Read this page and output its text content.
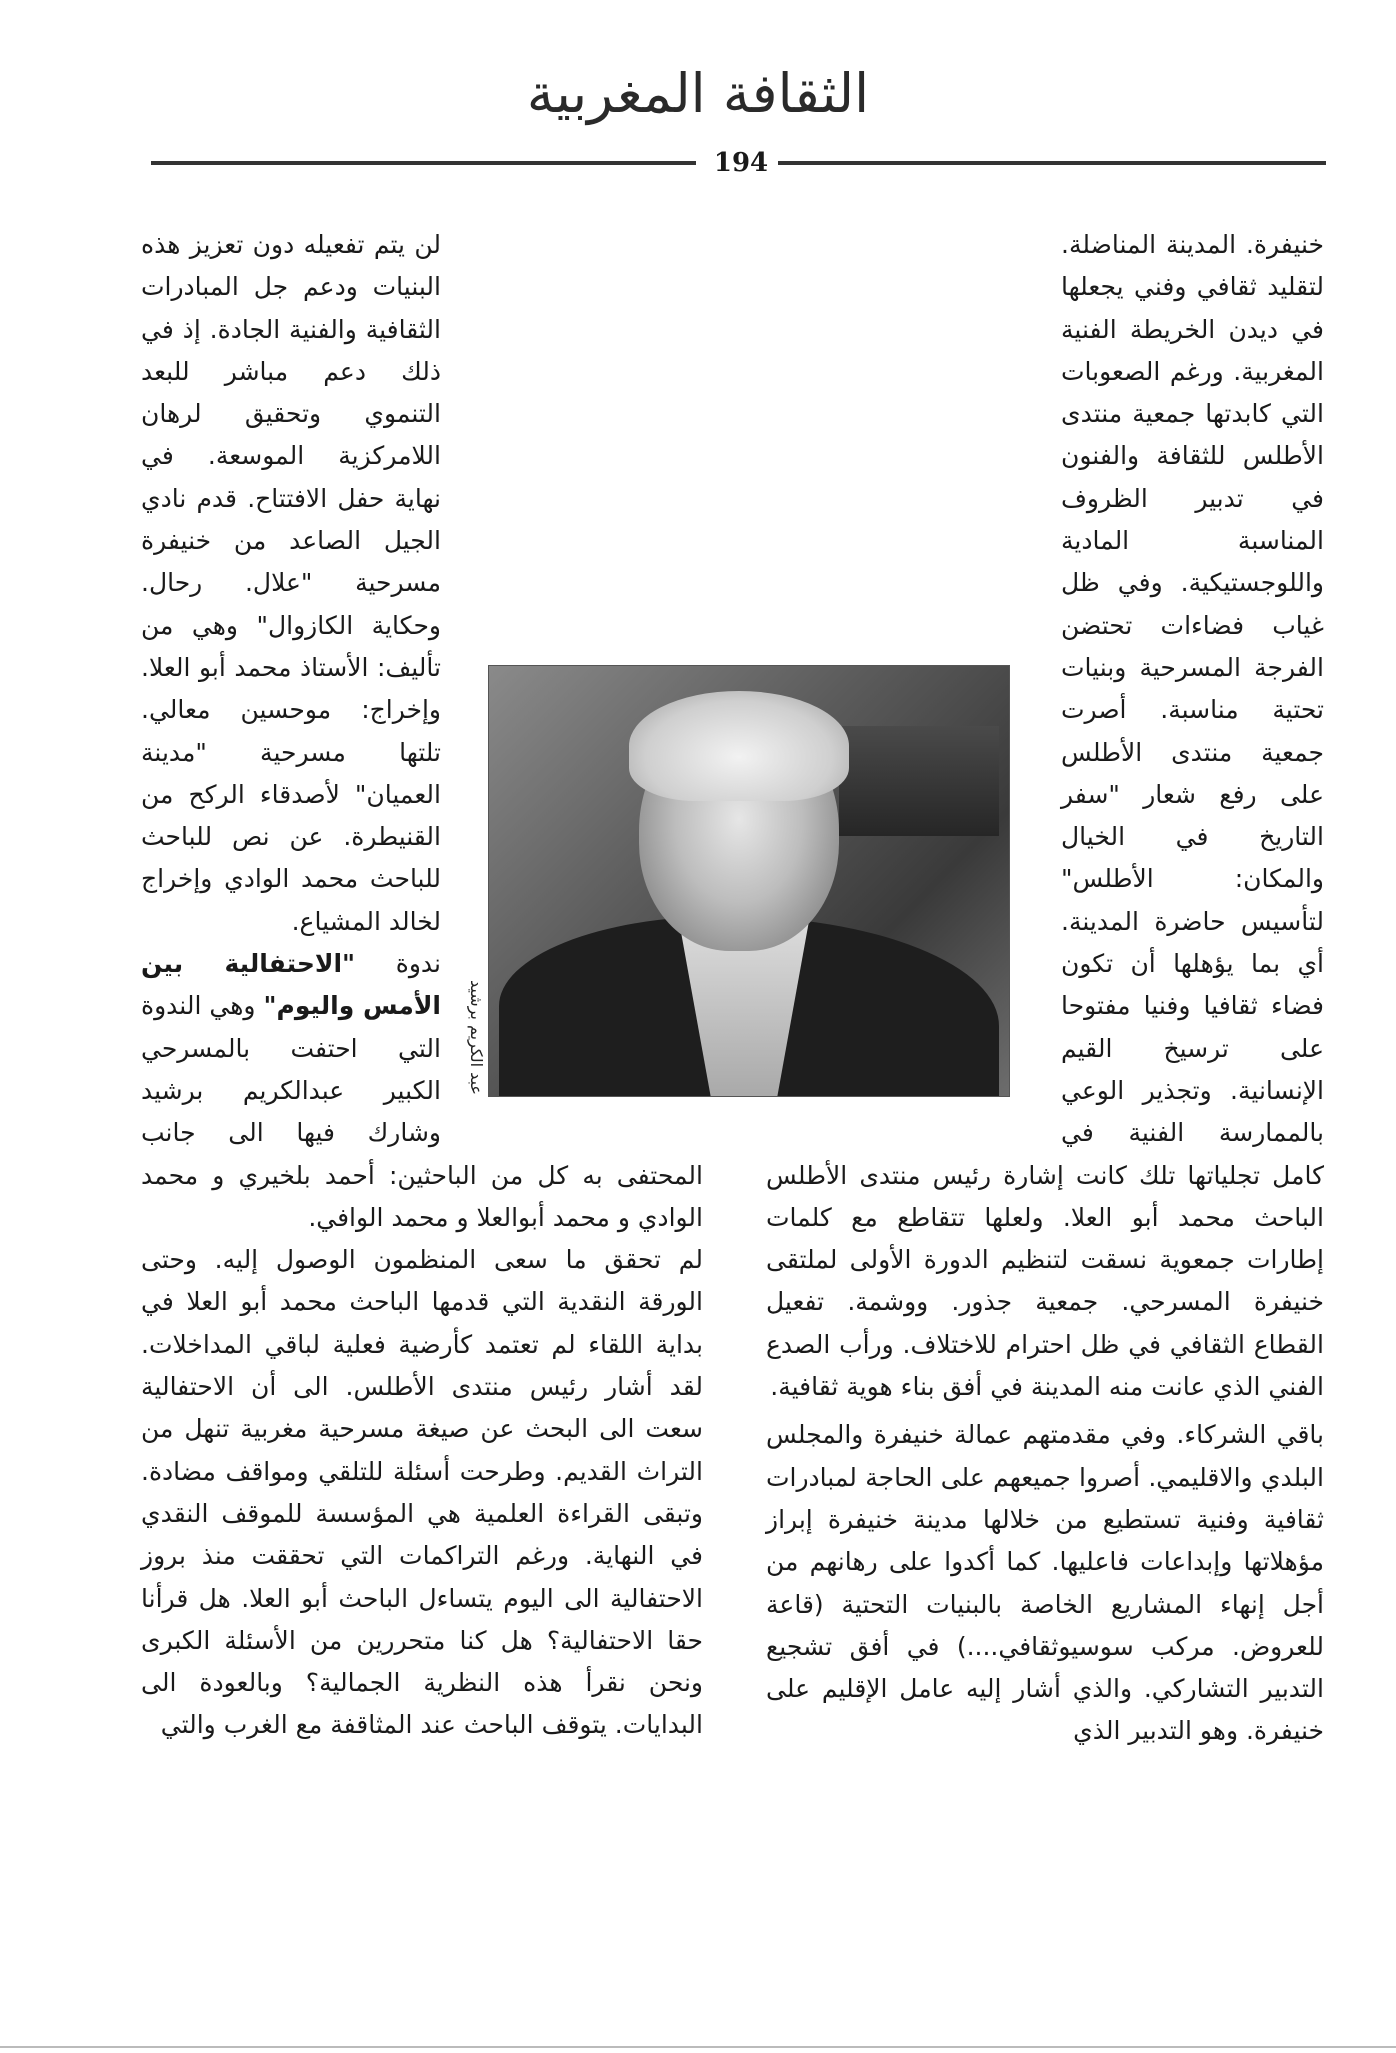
الثقافة المغربية
194

خنيفرة. المدينة المناضلة. لتقليد ثقافي وفني يجعلها في ديدن الخريطة الفنية المغربية. ورغم الصعوبات التي كابدتها جمعية منتدى الأطلس للثقافة والفنون في تدبير الظروف المناسبة المادية واللوجستيكية. وفي ظل غياب فضاءات تحتضن الفرجة المسرحية وبنيات تحتية مناسبة. أصرت جمعية منتدى الأطلس على رفع شعار "سفر التاريخ في الخيال والمكان: الأطلس" لتأسيس حاضرة المدينة. أي بما يؤهلها أن تكون فضاء ثقافيا وفنيا مفتوحا على ترسيخ القيم الإنسانية. وتجذير الوعي بالممارسة الفنية في كامل تجلياتها تلك كانت إشارة رئيس منتدى الأطلس الباحث محمد أبو العلا. ولعلها تتقاطع مع كلمات إطارات جمعوية نسقت لتنظيم الدورة الأولى لملتقى خنيفرة المسرحي. جمعية جذور. ووشمة. تفعيل القطاع الثقافي في ظل احترام للاختلاف. ورأب الصدع الفني الذي عانت منه المدينة في أفق بناء هوية ثقافية.

باقي الشركاء. وفي مقدمتهم عمالة خنيفرة والمجلس البلدي والاقليمي. أصروا جميعهم على الحاجة لمبادرات ثقافية وفنية تستطيع من خلالها مدينة خنيفرة إبراز مؤهلاتها وإبداعات فاعليها. كما أكدوا على رهانهم من أجل إنهاء المشاريع الخاصة بالبنيات التحتية (قاعة للعروض. مركب سوسيوثقافي....) في أفق تشجيع التدبير التشاركي. والذي أشار إليه عامل الإقليم على خنيفرة. وهو التدبير الذي

لن يتم تفعيله دون تعزيز هذه البنيات ودعم جل المبادرات الثقافية والفنية الجادة. إذ في ذلك دعم مباشر للبعد التنموي وتحقيق لرهان اللامركزية الموسعة. في نهاية حفل الافتتاح. قدم نادي الجيل الصاعد من خنيفرة مسرحية "علال. رحال. وحكاية الكازوال" وهي من تأليف: الأستاذ محمد أبو العلا. وإخراج: موحسين معالي. تلتها مسرحية "مدينة العميان" لأصدقاء الركح من القنيطرة. عن نص للباحث للباحث محمد الوادي وإخراج لخالد المشياع.

ندوة "الاحتفالية بين الأمس واليوم" وهي الندوة التي احتفت بالمسرحي الكبير عبدالكريم برشيد وشارك فيها الى جانب المحتفى به كل من الباحثين: أحمد بلخيري و محمد الوادي و محمد أبوالعلا و محمد الوافي.

لم تحقق ما سعى المنظمون الوصول إليه. وحتى الورقة النقدية التي قدمها الباحث محمد أبو العلا في بداية اللقاء لم تعتمد كأرضية فعلية لباقي المداخلات. لقد أشار رئيس منتدى الأطلس. الى أن الاحتفالية سعت الى البحث عن صيغة مسرحية مغربية تنهل من التراث القديم. وطرحت أسئلة للتلقي ومواقف مضادة. وتبقى القراءة العلمية هي المؤسسة للموقف النقدي في النهاية. ورغم التراكمات التي تحققت منذ بروز الاحتفالية الى اليوم يتساءل الباحث أبو العلا. هل قرأنا حقا الاحتفالية؟ هل كنا متحررين من الأسئلة الكبرى ونحن نقرأ هذه النظرية الجمالية؟ وبالعودة الى البدايات. يتوقف الباحث عند المثاقفة مع الغرب والتي

عبد الكريم برشيد
